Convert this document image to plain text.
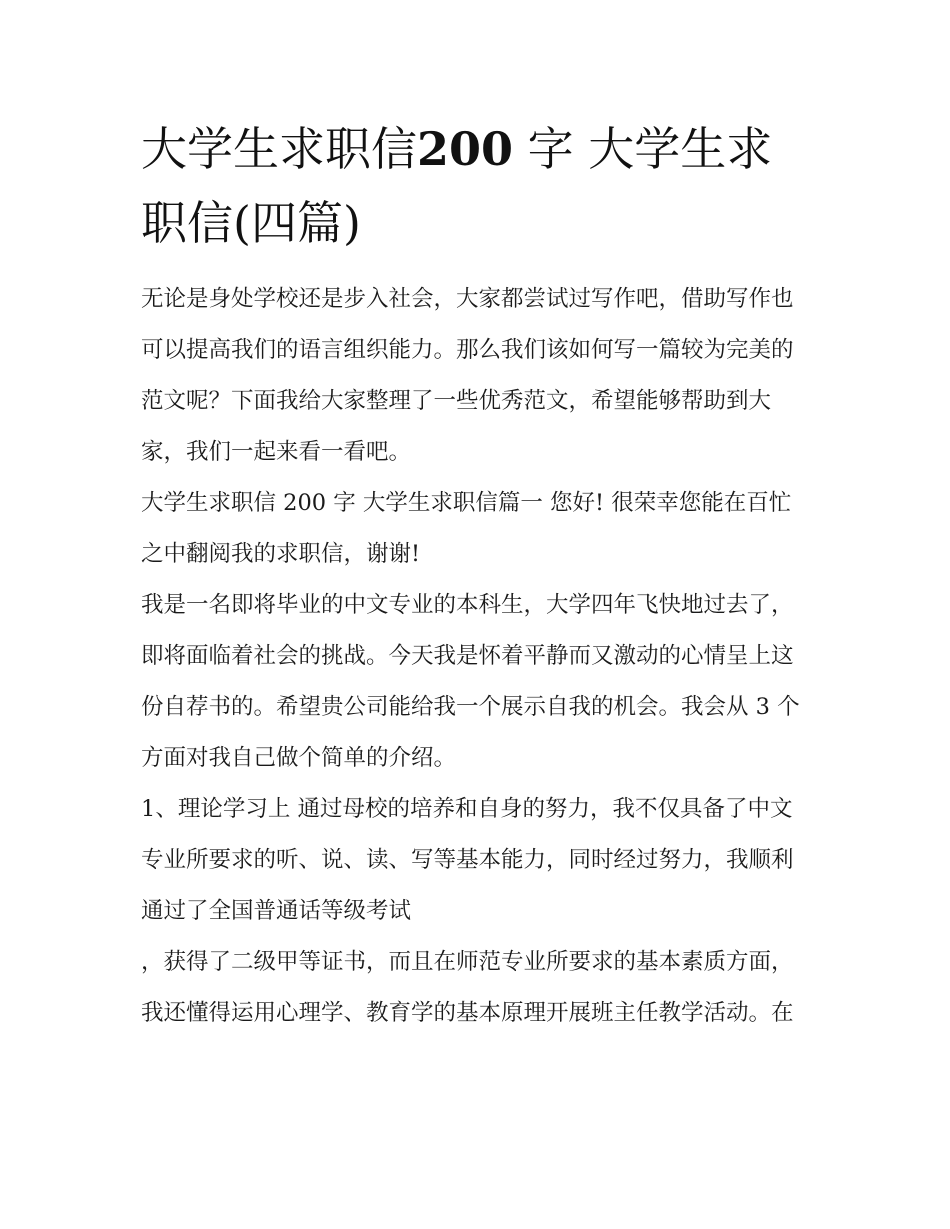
大学生求职信200 字 大学生求职信(四篇)

无论是身处学校还是步入社会，大家都尝试过写作吧，借助写作也可以提高我们的语言组织能力。那么我们该如何写一篇较为完美的范文呢？下面我给大家整理了一些优秀范文，希望能够帮助到大家，我们一起来看一看吧。

大学生求职信 200 字 大学生求职信篇一 您好! 很荣幸您能在百忙之中翻阅我的求职信，谢谢!

我是一名即将毕业的中文专业的本科生，大学四年飞快地过去了，即将面临着社会的挑战。今天我是怀着平静而又激动的心情呈上这份自荐书的。希望贵公司能给我一个展示自我的机会。我会从 3 个方面对我自己做个简单的介绍。

1、理论学习上 通过母校的培养和自身的努力，我不仅具备了中文专业所要求的听、说、读、写等基本能力，同时经过努力，我顺利通过了全国普通话等级考试

，获得了二级甲等证书，而且在师范专业所要求的基本素质方面，我还懂得运用心理学、教育学的基本原理开展班主任教学活动。在
